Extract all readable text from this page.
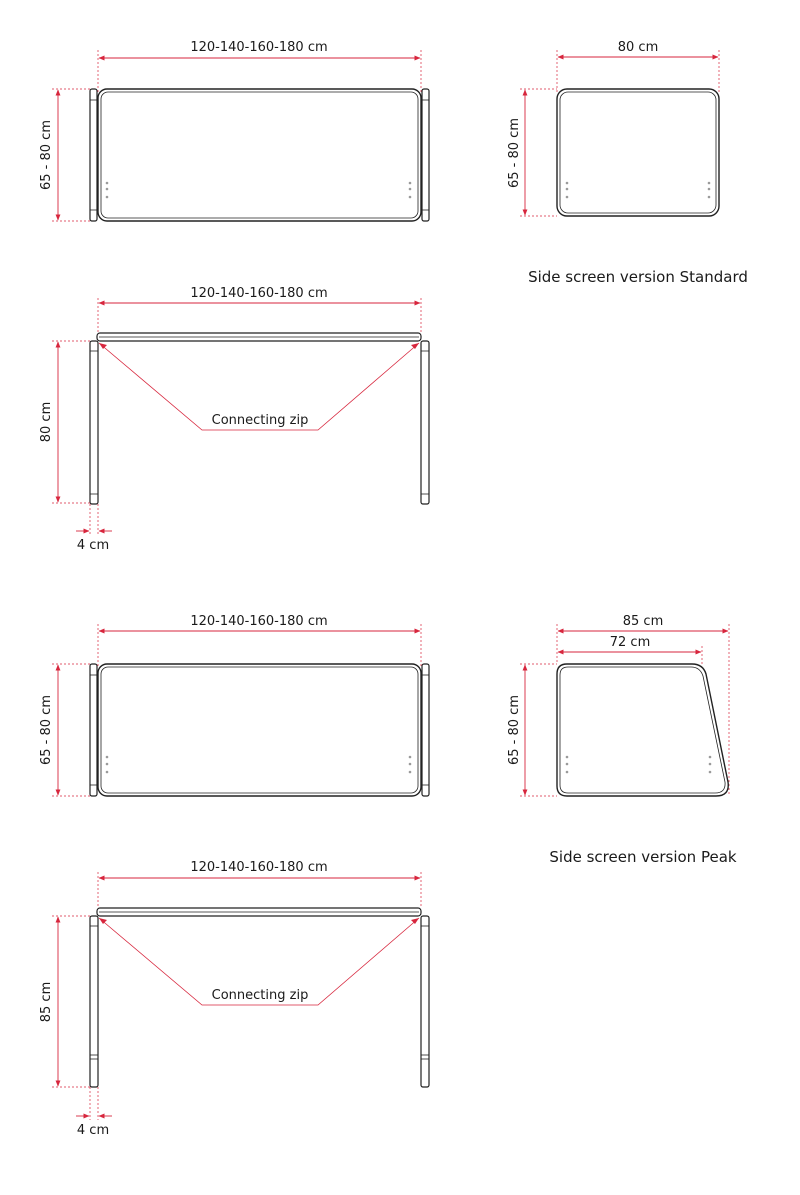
120-140-160-180 cm
65 - 80 cm
80 cm
65 - 80 cm
Side screen version Standard
120-140-160-180 cm
80 cm	Connecting zip
4 cm
120-140-160-180 cm
65 - 80 cm
85 cm
72 cm
65 - 80 cm
Side screen version Peak
120-140-160-180 cm
85 cm	Connecting zip
4 cm
